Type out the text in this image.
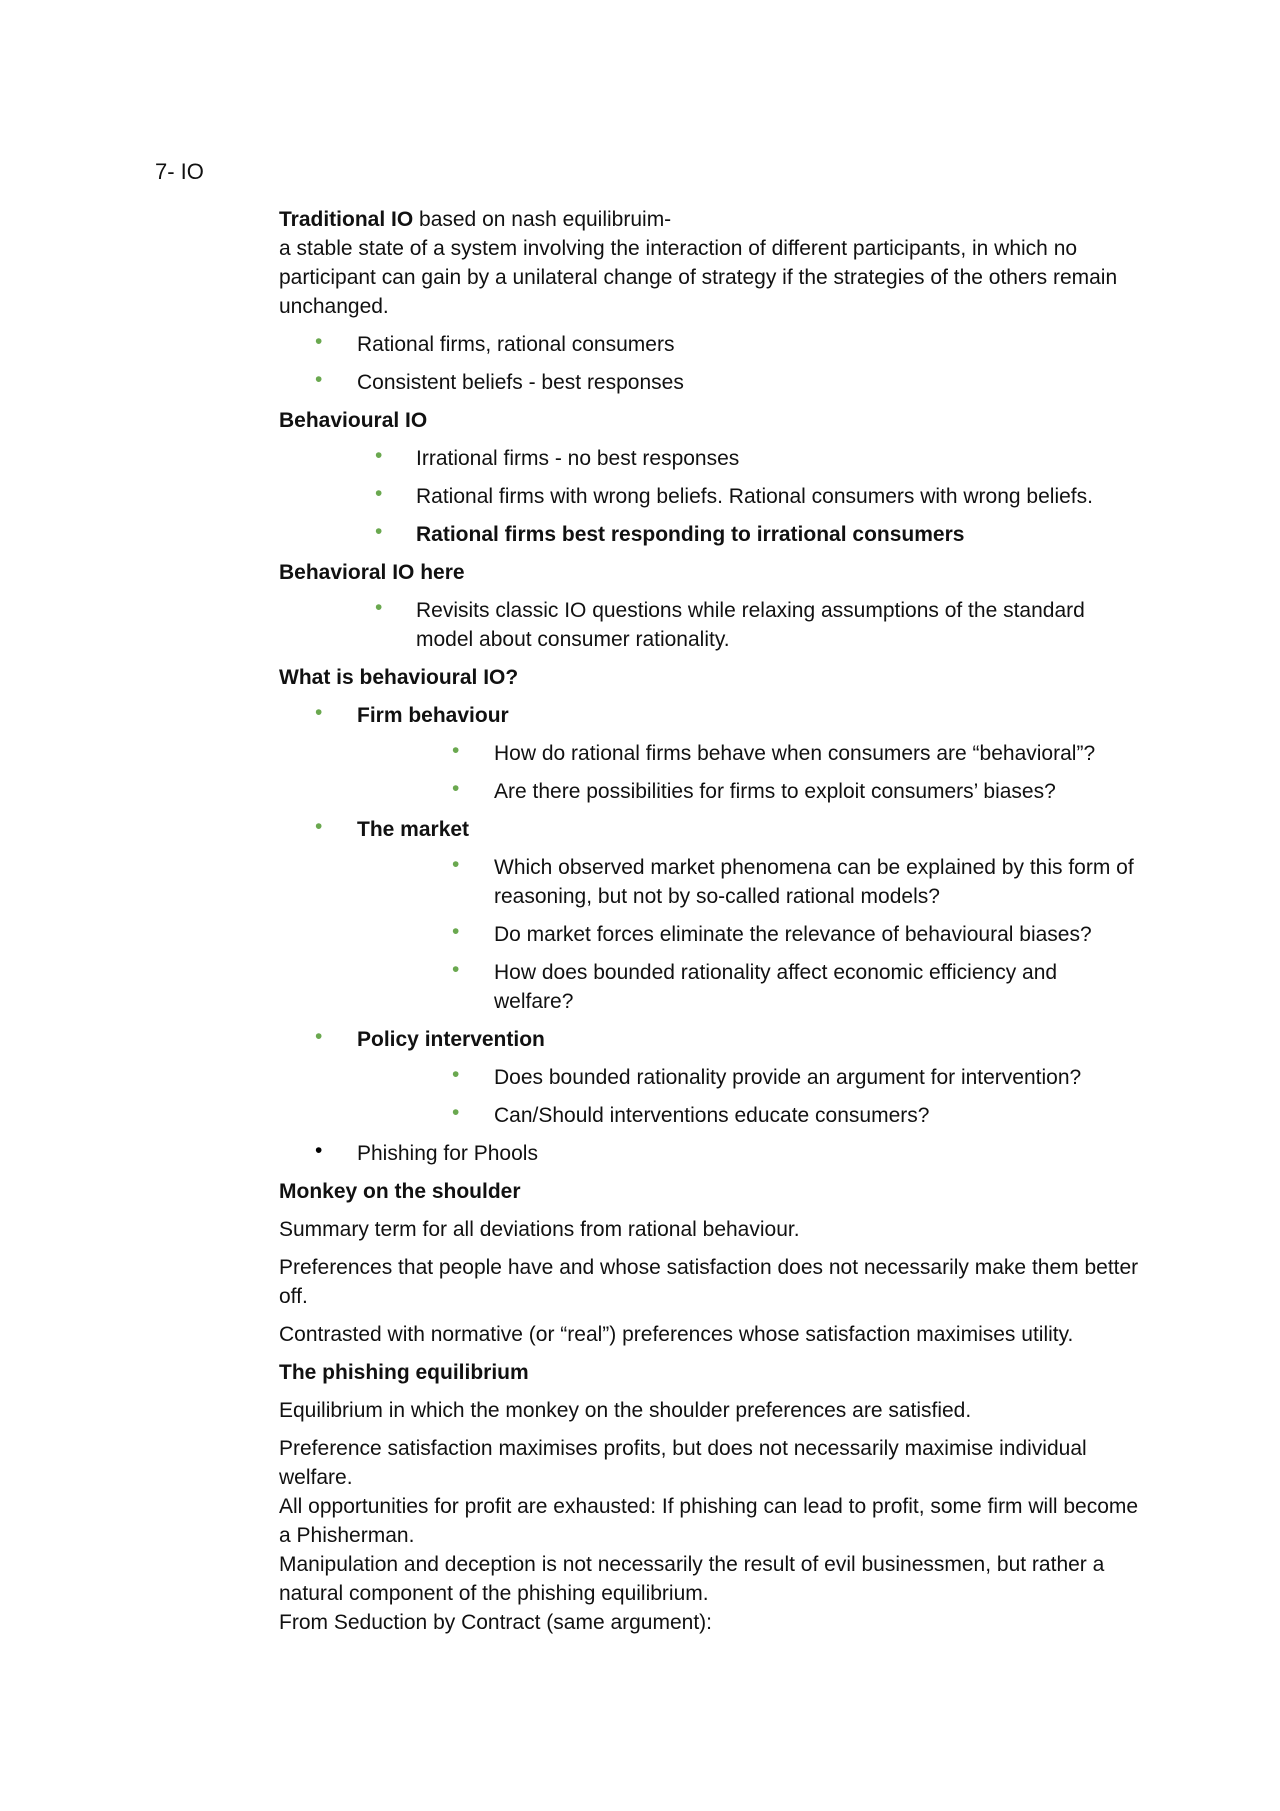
7- IO

Traditional IO based on nash equilibruim-

a stable state of a system involving the interaction of different participants, in which no participant can gain by a unilateral change of strategy if the strategies of the others remain unchanged.

• Rational firms, rational consumers
• Consistent beliefs - best responses

Behavioural IO

• Irrational firms - no best responses
• Rational firms with wrong beliefs. Rational consumers with wrong beliefs.
• Rational firms best responding to irrational consumers

Behavioral IO here

• Revisits classic IO questions while relaxing assumptions of the standard model about consumer rationality.

What is behavioural IO?

• Firm behaviour
• How do rational firms behave when consumers are “behavioral”?
• Are there possibilities for firms to exploit consumers’ biases?
• The market
• Which observed market phenomena can be explained by this form of reasoning, but not by so-called rational models?
• Do market forces eliminate the relevance of behavioural biases?
• How does bounded rationality affect economic efficiency and welfare?
• Policy intervention
• Does bounded rationality provide an argument for intervention?
• Can/Should interventions educate consumers?
• Phishing for Phools

Monkey on the shoulder

Summary term for all deviations from rational behaviour.

Preferences that people have and whose satisfaction does not necessarily make them better off.

Contrasted with normative (or “real”) preferences whose satisfaction maximises utility.

The phishing equilibrium

Equilibrium in which the monkey on the shoulder preferences are satisfied.

Preference satisfaction maximises profits, but does not necessarily maximise individual welfare.

All opportunities for profit are exhausted: If phishing can lead to profit, some firm will become a Phisherman.

Manipulation and deception is not necessarily the result of evil businessmen, but rather a natural component of the phishing equilibrium.

From Seduction by Contract (same argument):
